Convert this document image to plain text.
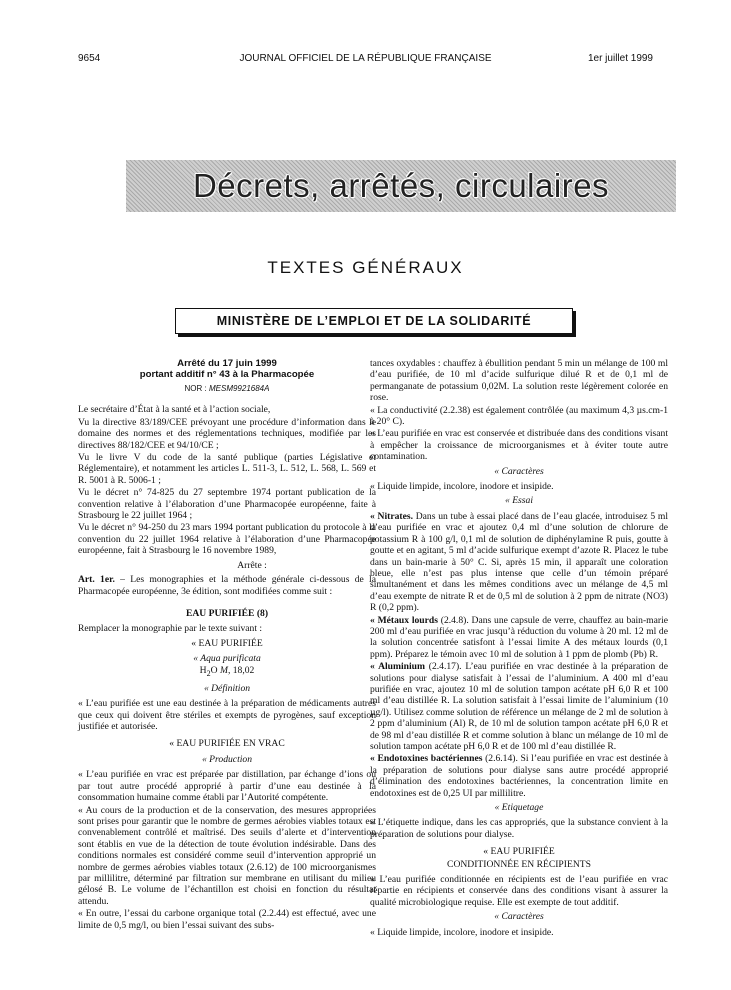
9654	JOURNAL OFFICIEL DE LA RÉPUBLIQUE FRANÇAISE	1er juillet 1999
Décrets, arrêtés, circulaires
TEXTES GÉNÉRAUX
MINISTÈRE DE L’EMPLOI ET DE LA SOLIDARITÉ
Arrêté du 17 juin 1999
portant additif n° 43 à la Pharmacopée
NOR : MESM9921684A

Le secrétaire d’État à la santé et à l’action sociale,

Vu la directive 83/189/CEE prévoyant une procédure d’information dans le domaine des normes et des réglementations techniques, modifiée par les directives 88/182/CEE et 94/10/CE ;

Vu le livre V du code de la santé publique (parties Législative et Réglementaire), et notamment les articles L. 511-3, L. 512, L. 568, L. 569 et R. 5001 à R. 5006-1 ;

Vu le décret n° 74-825 du 27 septembre 1974 portant publication de la convention relative à l’élaboration d’une Pharmacopée européenne, faite à Strasbourg le 22 juillet 1964 ;

Vu le décret n° 94-250 du 23 mars 1994 portant publication du protocole à la convention du 22 juillet 1964 relative à l’élaboration d’une Pharmacopée européenne, fait à Strasbourg le 16 novembre 1989,

Arrête :

Art. 1er. – Les monographies et la méthode générale ci-dessous de la Pharmacopée européenne, 3e édition, sont modifiées comme suit :

EAU PURIFIÉE (8)

Remplacer la monographie par le texte suivant :

« EAU PURIFIÉE

« Aqua purificata

$H_2O$ M, 18,02

« Définition

« L’eau purifiée est une eau destinée à la préparation de médicaments autres que ceux qui doivent être stériles et exempts de pyrogènes, sauf exception justifiée et autorisée.

« EAU PURIFIÉE EN VRAC

« Production

« L’eau purifiée en vrac est préparée par distillation, par échange d’ions ou par tout autre procédé approprié à partir d’une eau destinée à la consommation humaine comme établi par l’Autorité compétente.

« Au cours de la production et de la conservation, des mesures appropriées sont prises pour garantir que le nombre de germes aérobies viables totaux est convenablement contrôlé et maîtrisé. Des seuils d’alerte et d’intervention sont établis en vue de la détection de toute évolution indésirable. Dans des conditions normales est considéré comme seuil d’intervention approprié un nombre de germes aérobies viables totaux (2.6.12) de 100 microorganismes par millilitre, déterminé par filtration sur membrane en utilisant du milieu gélosé B. Le volume de l’échantillon est choisi en fonction du résultat attendu.

« En outre, l’essai du carbone organique total (2.2.44) est effectué, avec une limite de 0,5 mg/l, ou bien l’essai suivant des subs-

tances oxydables : chauffez à ébullition pendant 5 min un mélange de 100 ml d’eau purifiée, de 10 ml d’acide sulfurique dilué R et de 0,1 ml de permanganate de potassium 0,02M. La solution reste légèrement colorée en rose.

« La conductivité (2.2.38) est également contrôlée (au maximum 4,3 µs.cm-1 à 20° C).

« L’eau purifiée en vrac est conservée et distribuée dans des conditions visant à empêcher la croissance de microorganismes et à éviter toute autre contamination.

« Caractères

« Liquide limpide, incolore, inodore et insipide.

« Essai

« Nitrates. Dans un tube à essai placé dans de l’eau glacée, introduisez 5 ml d’eau purifiée en vrac et ajoutez 0,4 ml d’une solution de chlorure de potassium R à 100 g/l, 0,1 ml de solution de diphénylamine R puis, goutte à goutte et en agitant, 5 ml d’acide sulfurique exempt d’azote R. Placez le tube dans un bain-marie à 50° C. Si, après 15 min, il apparaît une coloration bleue, elle n’est pas plus intense que celle d’un témoin préparé simultanément et dans les mêmes conditions avec un mélange de 4,5 ml d’eau exempte de nitrate R et de 0,5 ml de solution à 2 ppm de nitrate (NO3) R (0,2 ppm).

« Métaux lourds (2.4.8). Dans une capsule de verre, chauffez au bain-marie 200 ml d’eau purifiée en vrac jusqu’à réduction du volume à 20 ml. 12 ml de la solution concentrée satisfont à l’essai limite A des métaux lourds (0,1 ppm). Préparez le témoin avec 10 ml de solution à 1 ppm de plomb (Pb) R.

« Aluminium (2.4.17). L’eau purifiée en vrac destinée à la préparation de solutions pour dialyse satisfait à l’essai de l’aluminium. A 400 ml d’eau purifiée en vrac, ajoutez 10 ml de solution tampon acétate pH 6,0 R et 100 ml d’eau distillée R. La solution satisfait à l’essai limite de l’aluminium (10 µg/l). Utilisez comme solution de référence un mélange de 2 ml de solution à 2 ppm d’aluminium (Al) R, de 10 ml de solution tampon acétate pH 6,0 R et de 98 ml d’eau distillée R et comme solution à blanc un mélange de 10 ml de solution tampon acétate pH 6,0 R et de 100 ml d’eau distillée R.

« Endotoxines bactériennes (2.6.14). Si l’eau purifiée en vrac est destinée à la préparation de solutions pour dialyse sans autre procédé approprié d’élimination des endotoxines bactériennes, la concentration limite en endotoxines est de 0,25 UI par millilitre.

« Etiquetage

« L’étiquette indique, dans les cas appropriés, que la substance convient à la préparation de solutions pour dialyse.

« EAU PURIFIÉE

CONDITIONNÉE EN RÉCIPIENTS

« L’eau purifiée conditionnée en récipients est de l’eau purifiée en vrac répartie en récipients et conservée dans des conditions visant à assurer la qualité microbiologique requise. Elle est exempte de tout additif.

« Caractères

« Liquide limpide, incolore, inodore et insipide.
